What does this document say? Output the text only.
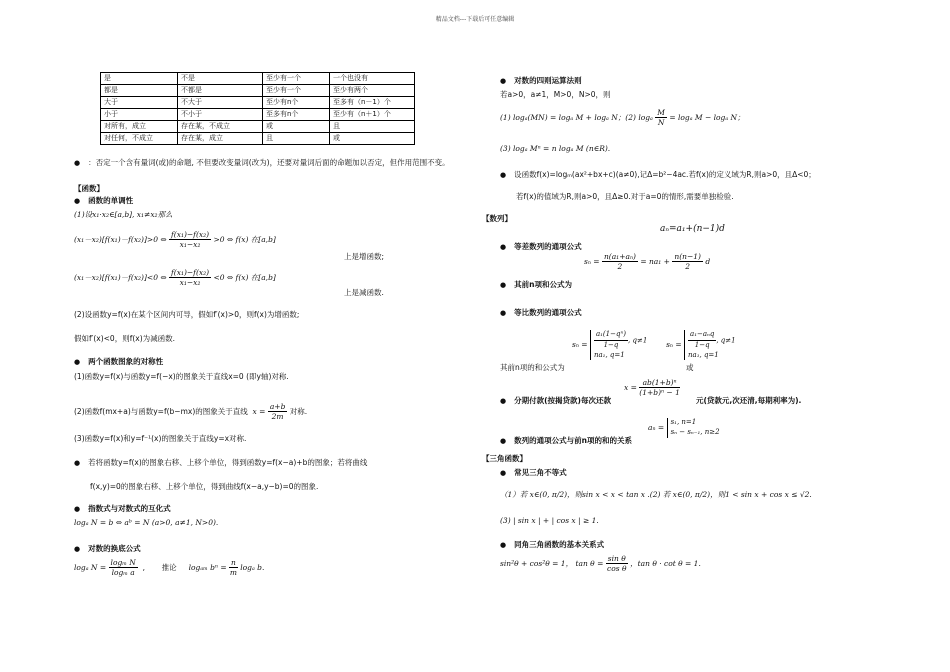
精品文档---下载后可任意编辑
是	不是	至少有一个	一个也没有
都是	不都是	至少有一个	至少有两个
大于	不大于	至少有n个	至多有（n－1）个
小于	不小于	至多有n个	至少有（n＋1）个
对所有，成立	存在某，不成立	或	且
对任何，不成立	存在某，成立	且	或
● ：否定一个含有量词(或)的命题, 不但要改变量词(改为)，还要对量词后面的命题加以否定，但作用范围不变。
【函数】
● 函数的单调性
(1)设x₁·x₂∈[a,b], x₁≠x₂那么
(x₁－x₂)[f(x₁)－f(x₂)]>0 ⇔ $\frac{\text{f(x₁)−f(x₂)}}{\text{x₁−x₂}} >0$ ⇔ f(x) 在[a,b]
上是增函数;
(x₁－x₂)[f(x₁)－f(x₂)]<0 ⇔ $\frac{\text{f(x₁)−f(x₂)}}{\text{x₁−x₂}} <0$ ⇔ f(x) 在[a,b]
上是减函数.
(2)设函数y=f(x)在某个区间内可导，假如f′(x)>0，则f(x)为增函数;
假如f′(x)<0，则f(x)为减函数.
● 两个函数图象的对称性
(1)函数y=f(x)与函数y=f(−x)的图象关于直线x=0 (即y轴)对称.
(2)函数f(mx+a)与函数y=f(b−mx)的图象关于直线  $x = \frac{a+b}{2m}$ 对称.
(3)函数y=f(x)和y=f⁻¹(x)的图象关于直线y=x对称.
● 若将函数y=f(x)的图象右移、上移个单位，得到函数y=f(x−a)+b的图象；若将曲线
f(x,y)=0的图象右移、上移个单位，得到曲线f(x−a,y−b)=0的图象.
● 指数式与对数式的互化式
logₐ N = b ⇔ aᵇ = N (a>0, a≠1, N>0).
● 对数的换底公式
logₐ $N = \frac{\text{logₘ N}}{\text{logₘ a}}$ ,       推论 logₐₘ $b^n = \frac{n}{m}$ logₐ b.
● 对数的四则运算法则
若a>0，a≠1，M>0，N>0，则
(1) logₐ(MN) = logₐ M + logₐ N；(2) logₐ $\frac{M}{N} = \log_a$ M − logₐ N；
(3) logₐ Mⁿ = n logₐ M (n∈R).
● 设函数f(x)=logₘ(ax²+bx+c)(a≠0),记Δ=b²−4ac.若f(x)的定义域为R,则a>0，且Δ<0；
若f(x)的值域为R,则a>0，且Δ≥0.对于a=0的情形,需要单独检验.
【数列】
aₙ=a₁+(n−1)d
● 等差数列的通项公式
$s_n = \frac{\text{n(a₁+aₙ)}}{2} = na_1 + \frac{n(n-1)}{2}$ d
● 其前n项和公式为
● 等比数列的通项公式
$s_n = \frac{\text{a₁(1−qⁿ)}}{1-q}$ , q≠1
na₁, q=1  $s_n = \frac{\text{a₁−aₙq}}{1-q}$ , q≠1
na₁, q=1
其前n项的和公式为	或
$x = \frac{\text{ab(1+b)ⁿ}}{\text{(1+b)ⁿ − 1}}$
● 分期付款(按揭贷款)每次还款	元(贷款元,次还清,每期利率为).
aₙ = s₁, n=1
sₙ − sₙ₋₁, n≥2
● 数列的通项公式与前n项的和的关系
【三角函数】
● 常见三角不等式
（1）若 x∈(0, π/2)，则sin x < x < tan x .(2) 若 x∈(0, π/2)，则1 < sin x + cos x ≤ √2.
(3) | sin x | + | cos x | ≥ 1.
● 同角三角函数的基本关系式
sin²θ + cos²θ = 1， $\tan \theta = \frac{\text{sin θ}}{\text{cos θ}}$ ，tan θ · cot θ = 1.
